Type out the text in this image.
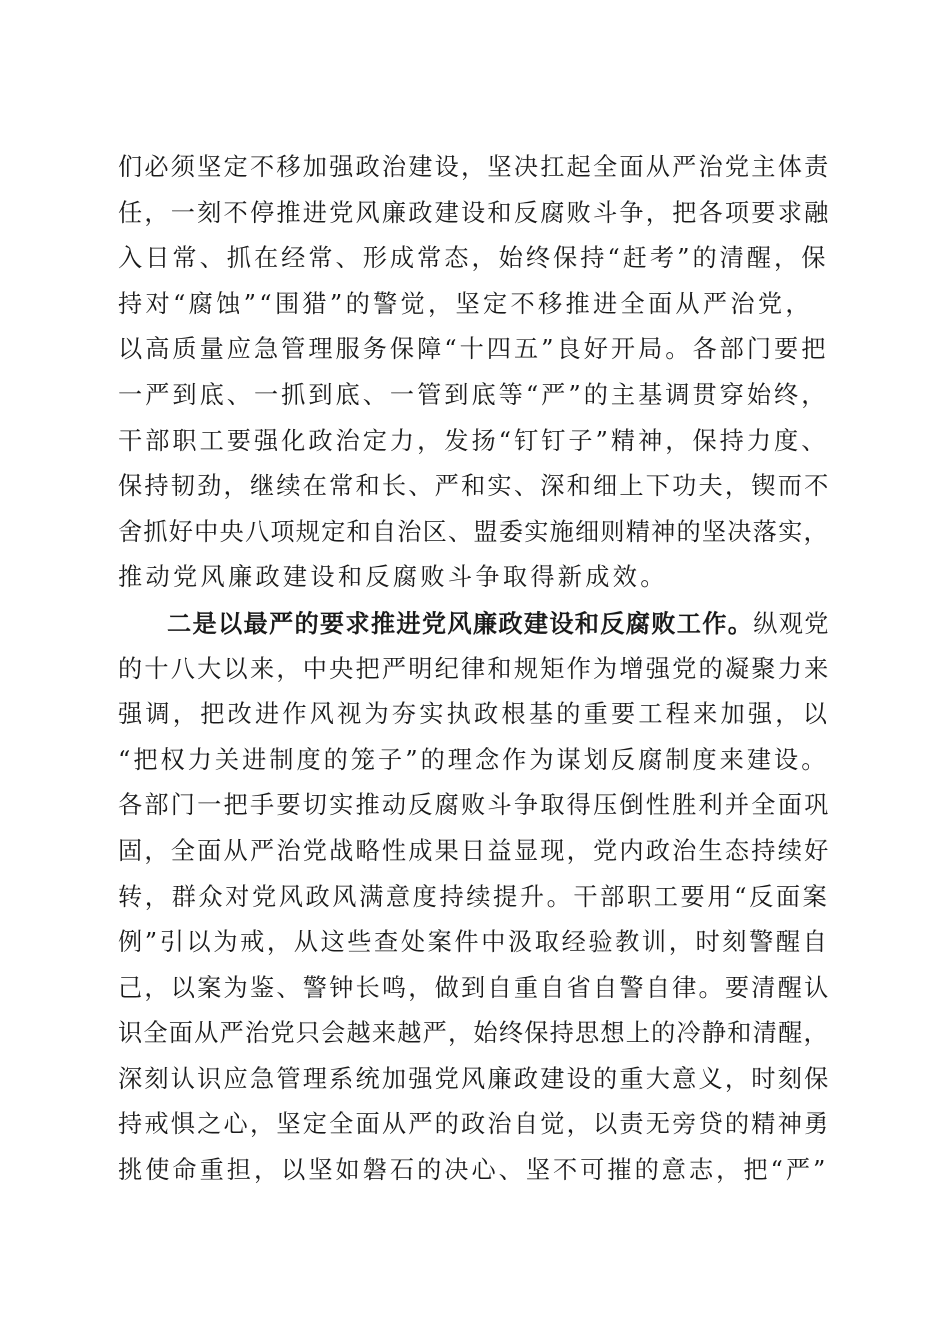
们必须坚定不移加强政治建设，坚决扛起全面从严治党主体责
任，一刻不停推进党风廉政建设和反腐败斗争，把各项要求融
入日常、抓在经常、形成常态，始终保持“赶考”的清醒，保
持对“腐蚀”“围猎”的警觉，坚定不移推进全面从严治党，
以高质量应急管理服务保障“十四五”良好开局。各部门要把
一严到底、一抓到底、一管到底等“严”的主基调贯穿始终，
干部职工要强化政治定力，发扬“钉钉子”精神，保持力度、
保持韧劲，继续在常和长、严和实、深和细上下功夫，锲而不
舍抓好中央八项规定和自治区、盟委实施细则精神的坚决落实，
推动党风廉政建设和反腐败斗争取得新成效。
二是以最严的要求推进党风廉政建设和反腐败工作。纵观党
的十八大以来，中央把严明纪律和规矩作为增强党的凝聚力来
强调，把改进作风视为夯实执政根基的重要工程来加强，以
“把权力关进制度的笼子”的理念作为谋划反腐制度来建设。
各部门一把手要切实推动反腐败斗争取得压倒性胜利并全面巩
固，全面从严治党战略性成果日益显现，党内政治生态持续好
转，群众对党风政风满意度持续提升。干部职工要用“反面案
例”引以为戒，从这些查处案件中汲取经验教训，时刻警醒自
己，以案为鉴、警钟长鸣，做到自重自省自警自律。要清醒认
识全面从严治党只会越来越严，始终保持思想上的冷静和清醒，
深刻认识应急管理系统加强党风廉政建设的重大意义，时刻保
持戒惧之心，坚定全面从严的政治自觉，以责无旁贷的精神勇
挑使命重担，以坚如磐石的决心、坚不可摧的意志，把“严”
